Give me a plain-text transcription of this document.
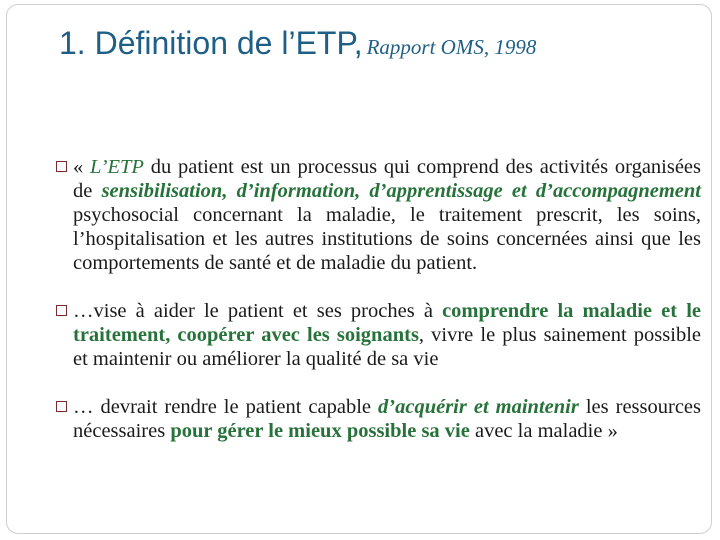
1. Définition de l’ETP, Rapport OMS, 1998

« L’ETP du patient est un processus qui comprend des activités organisées de sensibilisation, d’information, d’apprentissage et d’accompagnement psychosocial concernant la maladie, le traitement prescrit, les soins, l’hospitalisation et les autres institutions de soins concernées ainsi que les comportements de santé et de maladie du patient.

…vise à aider le patient et ses proches à comprendre la maladie et le traitement, coopérer avec les soignants, vivre le plus sainement possible et maintenir ou améliorer la qualité de sa vie

… devrait rendre le patient capable d’acquérir et maintenir les ressources nécessaires pour gérer le mieux possible sa vie avec la maladie »
